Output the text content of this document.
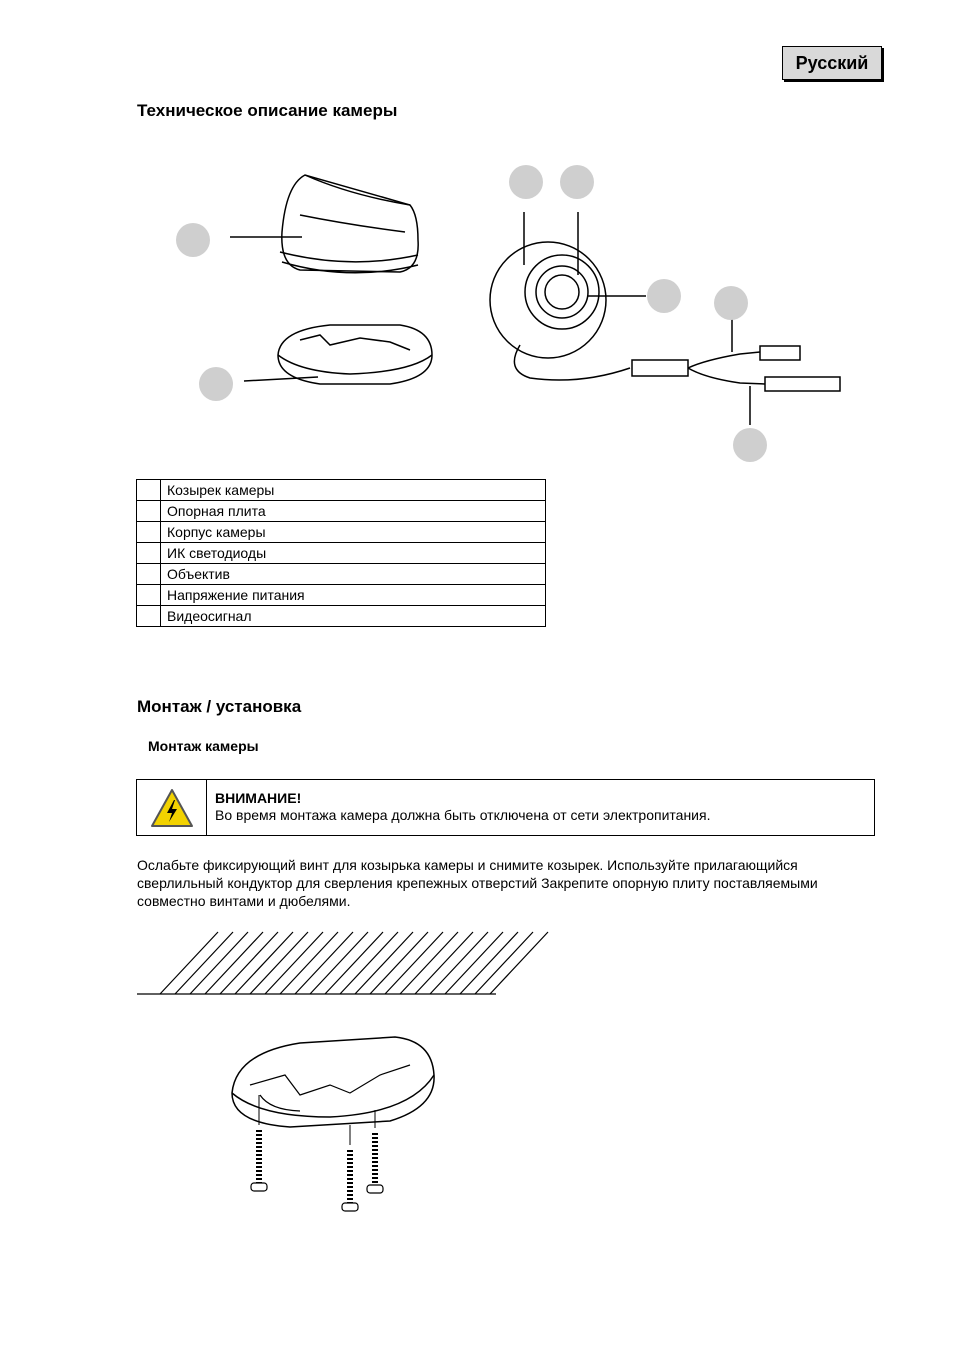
Русский
Техническое описание камеры
	Козырек камеры
	Опорная плита
	Корпус камеры
	ИК светодиоды
	Объектив
	Напряжение питания
	Видеосигнал
Монтаж / установка
Монтаж камеры
ВНИМАНИЕ!
Во время монтажа камера должна быть отключена от сети электропитания.
Ослабьте фиксирующий винт для козырька камеры и снимите козырек. Используйте прилагающийся сверлильный кондуктор для сверления крепежных отверстий Закрепите опорную плиту поставляемыми совместно винтами и дюбелями.
